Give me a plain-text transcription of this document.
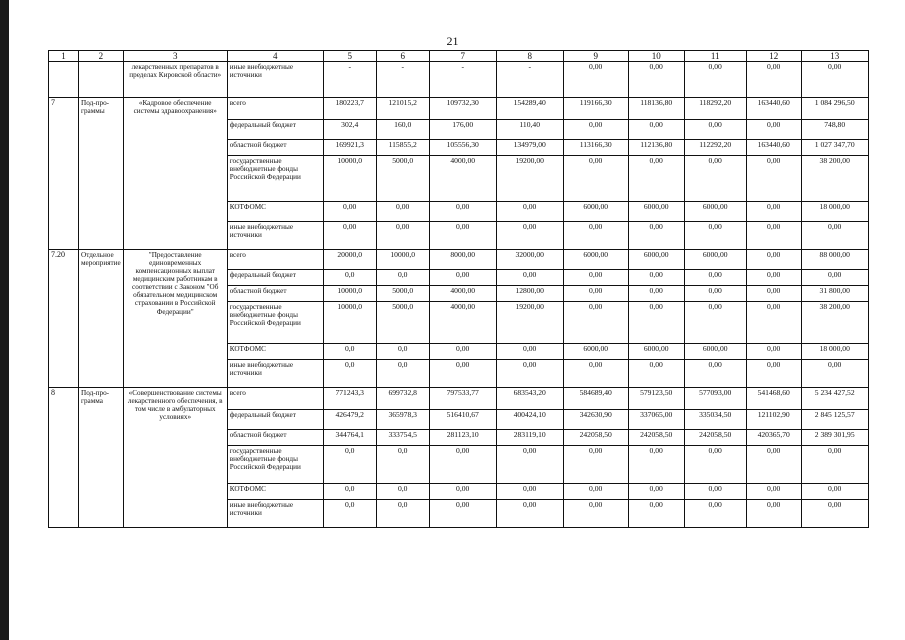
21
1	2	3	4	5	6	7	8	9	10	11	12	13
		лекарственных препаратов в пределах Кировской области»	иные внебюджетные источники	-	-	-	-	0,00	0,00	0,00	0,00	0,00
7	Под-про-граммы	«Кадровое обеспечение системы здравоохранения»	всего	180223,7	121015,2	109732,30	154289,40	119166,30	118136,80	118292,20	163440,60	1 084 296,50
			федеральный бюджет	302,4	160,0	176,00	110,40	0,00	0,00	0,00	0,00	748,80
			областной бюджет	169921,3	115855,2	105556,30	134979,00	113166,30	112136,80	112292,20	163440,60	1 027 347,70
			государственные внебюджетные фонды Российской Федерации	10000,0	5000,0	4000,00	19200,00	0,00	0,00	0,00	0,00	38 200,00
			КОТФОМС	0,00	0,00	0,00	0,00	6000,00	6000,00	6000,00	0,00	18 000,00
			иные внебюджетные источники	0,00	0,00	0,00	0,00	0,00	0,00	0,00	0,00	0,00
7.20	Отдельное мероприятие	"Предоставление единовременных компенсационных выплат медицинским работникам в соответствии с Законом "Об обязательном медицинском страховании в Российской Федерации"	всего	20000,0	10000,0	8000,00	32000,00	6000,00	6000,00	6000,00	0,00	88 000,00
			федеральный бюджет	0,0	0,0	0,00	0,00	0,00	0,00	0,00	0,00	0,00
			областной бюджет	10000,0	5000,0	4000,00	12800,00	0,00	0,00	0,00	0,00	31 800,00
			государственные внебюджетные фонды Российской Федерации	10000,0	5000,0	4000,00	19200,00	0,00	0,00	0,00	0,00	38 200,00
			КОТФОМС	0,0	0,0	0,00	0,00	6000,00	6000,00	6000,00	0,00	18 000,00
			иные внебюджетные источники	0,0	0,0	0,00	0,00	0,00	0,00	0,00	0,00	0,00
8	Под-про-грамма	«Совершенствование системы лекарственного обеспечения, в том числе в амбулаторных условиях»	всего	771243,3	699732,8	797533,77	683543,20	584689,40	579123,50	577093,00	541468,60	5 234 427,52
			федеральный бюджет	426479,2	365978,3	516410,67	400424,10	342630,90	337065,00	335034,50	121102,90	2 845 125,57
			областной бюджет	344764,1	333754,5	281123,10	283119,10	242058,50	242058,50	242058,50	420365,70	2 389 301,95
			государственные внебюджетные фонды Российской Федерации	0,0	0,0	0,00	0,00	0,00	0,00	0,00	0,00	0,00
			КОТФОМС	0,0	0,0	0,00	0,00	0,00	0,00	0,00	0,00	0,00
			иные внебюджетные источники	0,0	0,0	0,00	0,00	0,00	0,00	0,00	0,00	0,00
